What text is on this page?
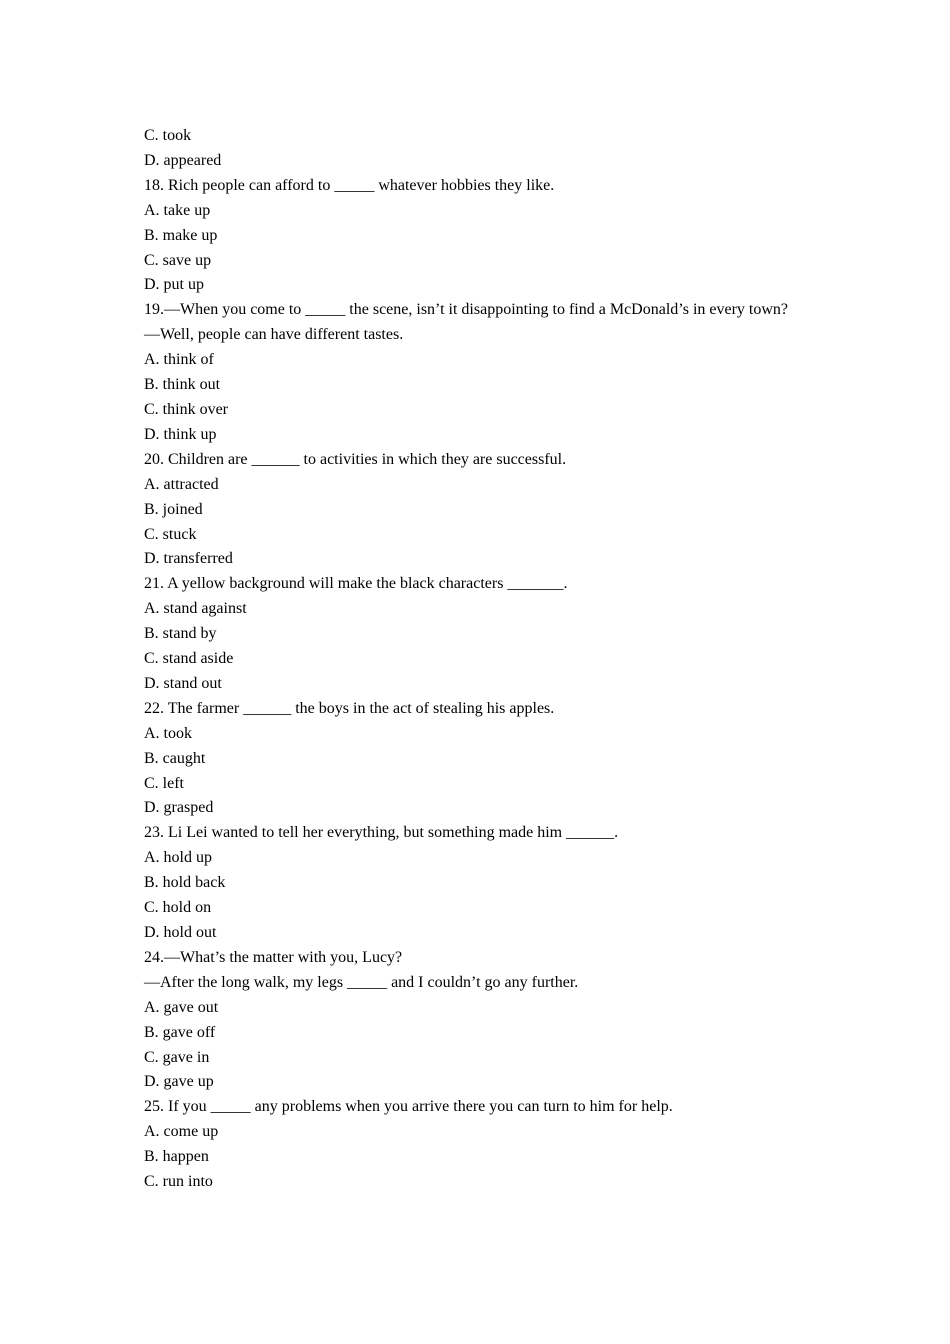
C. took

D. appeared

18. Rich people can afford to _____ whatever hobbies they like.

A. take up

B. make up

C. save up

D. put up

19.—When you come to _____ the scene, isn’t it disappointing to find a McDonald’s in every town?

—Well, people can have different tastes.

A. think of

B. think out

C. think over

D. think up

20. Children are ______ to activities in which they are successful.

A. attracted

B. joined

C. stuck

D. transferred

21. A yellow background will make the black characters _______.

A. stand against

B. stand by

C. stand aside

D. stand out

22. The farmer ______ the boys in the act of stealing his apples.

A. took

B. caught

C. left

D. grasped

23. Li Lei wanted to tell her everything, but something made him ______.

A. hold up

B. hold back

C. hold on

D. hold out

24.—What’s the matter with you, Lucy?

—After the long walk, my legs _____ and I couldn’t go any further.

A. gave out

B. gave off

C. gave in

D. gave up

25. If you _____ any problems when you arrive there you can turn to him for help.

A. come up

B. happen

C. run into
